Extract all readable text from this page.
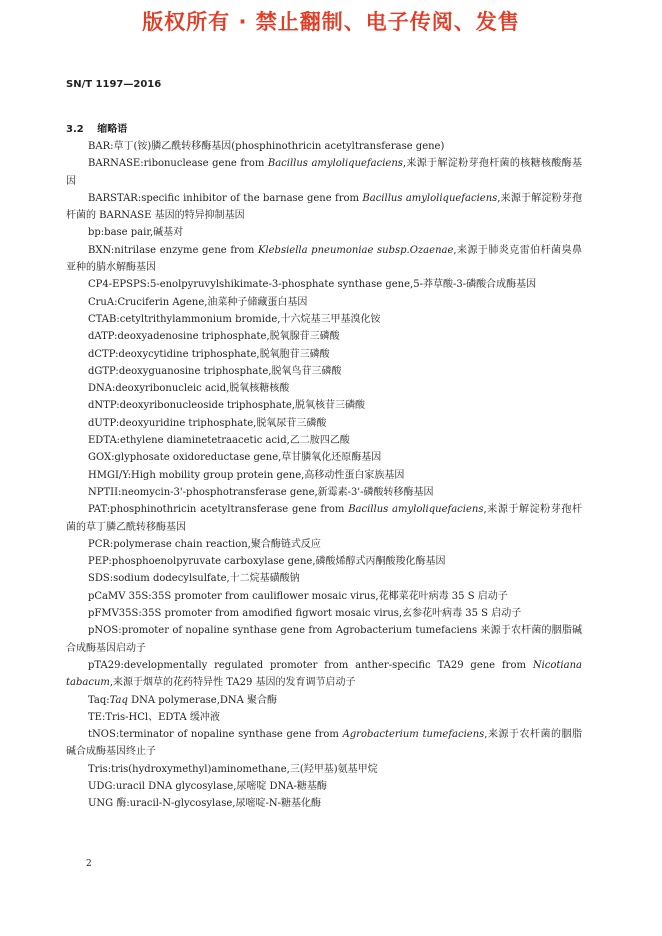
版权所有 · 禁止翻制、电子传阅、发售
SN/T 1197—2016
3.2 缩略语

BAR:草丁(铵)膦乙酰转移酶基因(phosphinothricin acetyltransferase gene)

BARNASE:ribonuclease gene from Bacillus amyloliquefaciens,来源于解淀粉芽孢杆菌的核糖核酸酶基因

BARSTAR:specific inhibitor of the barnase gene from Bacillus amyloliquefaciens,来源于解淀粉芽孢杆菌的 BARNASE 基因的特异抑制基因

bp:base pair,碱基对

BXN:nitrilase enzyme gene from Klebsiella pneumoniae subsp.Ozaenae,来源于肺炎克雷伯杆菌臭鼻亚种的腈水解酶基因

CP4-EPSPS:5-enolpyruvylshikimate-3-phosphate synthase gene,5-莽草酸-3-磷酸合成酶基因

CruA:Cruciferin Agene,油菜种子储藏蛋白基因

CTAB:cetyltrithylammonium bromide,十六烷基三甲基溴化铵

dATP:deoxyadenosine triphosphate,脱氧腺苷三磷酸

dCTP:deoxycytidine triphosphate,脱氧胞苷三磷酸

dGTP:deoxyguanosine triphosphate,脱氧鸟苷三磷酸

DNA:deoxyribonucleic acid,脱氧核糖核酸

dNTP:deoxyribonucleoside triphosphate,脱氧核苷三磷酸

dUTP:deoxyuridine triphosphate,脱氧尿苷三磷酸

EDTA:ethylene diaminetetraacetic acid,乙二胺四乙酸

GOX:glyphosate oxidoreductase gene,草甘膦氧化还原酶基因

HMGI/Y:High mobility group protein gene,高移动性蛋白家族基因

NPTII:neomycin-3'-phosphotransferase gene,新霉素-3'-磷酸转移酶基因

PAT:phosphinothricin acetyltransferase gene from Bacillus amyloliquefaciens,来源于解淀粉芽孢杆菌的草丁膦乙酰转移酶基因

PCR:polymerase chain reaction,聚合酶链式反应

PEP:phosphoenolpyruvate carboxylase gene,磷酸烯醇式丙酮酸羧化酶基因

SDS:sodium dodecylsulfate,十二烷基磺酸钠

pCaMV 35S:35S promoter from cauliflower mosaic virus,花椰菜花叶病毒 35 S 启动子

pFMV35S:35S promoter from amodified figwort mosaic virus,玄参花叶病毒 35 S 启动子

pNOS:promoter of nopaline synthase gene from Agrobacterium tumefaciens 来源于农杆菌的胭脂碱合成酶基因启动子

pTA29:developmentally regulated promoter from anther-specific TA29 gene from Nicotiana tabacum,来源于烟草的花药特异性 TA29 基因的发育调节启动子

Taq:Taq DNA polymerase,DNA 聚合酶

TE:Tris-HCl、EDTA 缓冲液

tNOS:terminator of nopaline synthase gene from Agrobacterium tumefaciens,来源于农杆菌的胭脂碱合成酶基因终止子

Tris:tris(hydroxymethyl)aminomethane,三(羟甲基)氨基甲烷

UDG:uracil DNA glycosylase,尿嘧啶 DNA-糖基酶

UNG 酶:uracil-N-glycosylase,尿嘧啶-N-糖基化酶

2
